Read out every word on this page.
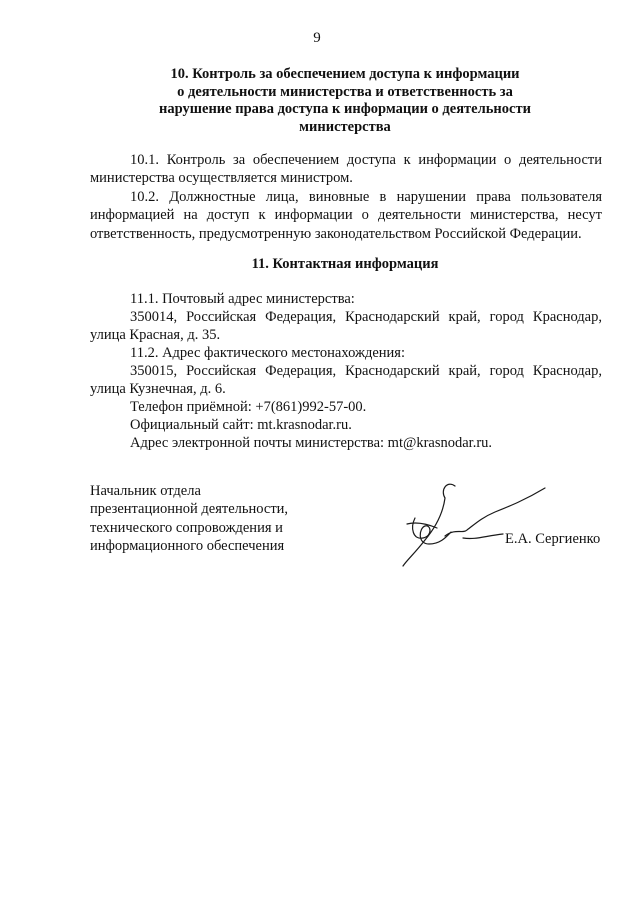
9
10. Контроль за обеспечением доступа к информации
о деятельности министерства и ответственность за
нарушение права доступа к информации о деятельности
министерства
10.1. Контроль за обеспечением доступа к информации о деятельности министерства осуществляется министром.
10.2. Должностные лица, виновные в нарушении права пользователя информацией на доступ к информации о деятельности министерства, несут ответственность, предусмотренную законодательством Российской Федерации.
11. Контактная информация
11.1. Почтовый адрес министерства:
350014, Российская Федерация, Краснодарский край, город Краснодар,
улица Красная, д. 35.
11.2. Адрес фактического местонахождения:
350015, Российская Федерация, Краснодарский край, город Краснодар,
улица Кузнечная, д. 6.
Телефон приёмной: +7(861)992-57-00.
Официальный сайт: mt.krasnodar.ru.
Адрес электронной почты министерства: mt@krasnodar.ru.
Начальник отдела
презентационной деятельности,
технического сопровождения и
информационного обеспечения	Е.А. Сергиенко
